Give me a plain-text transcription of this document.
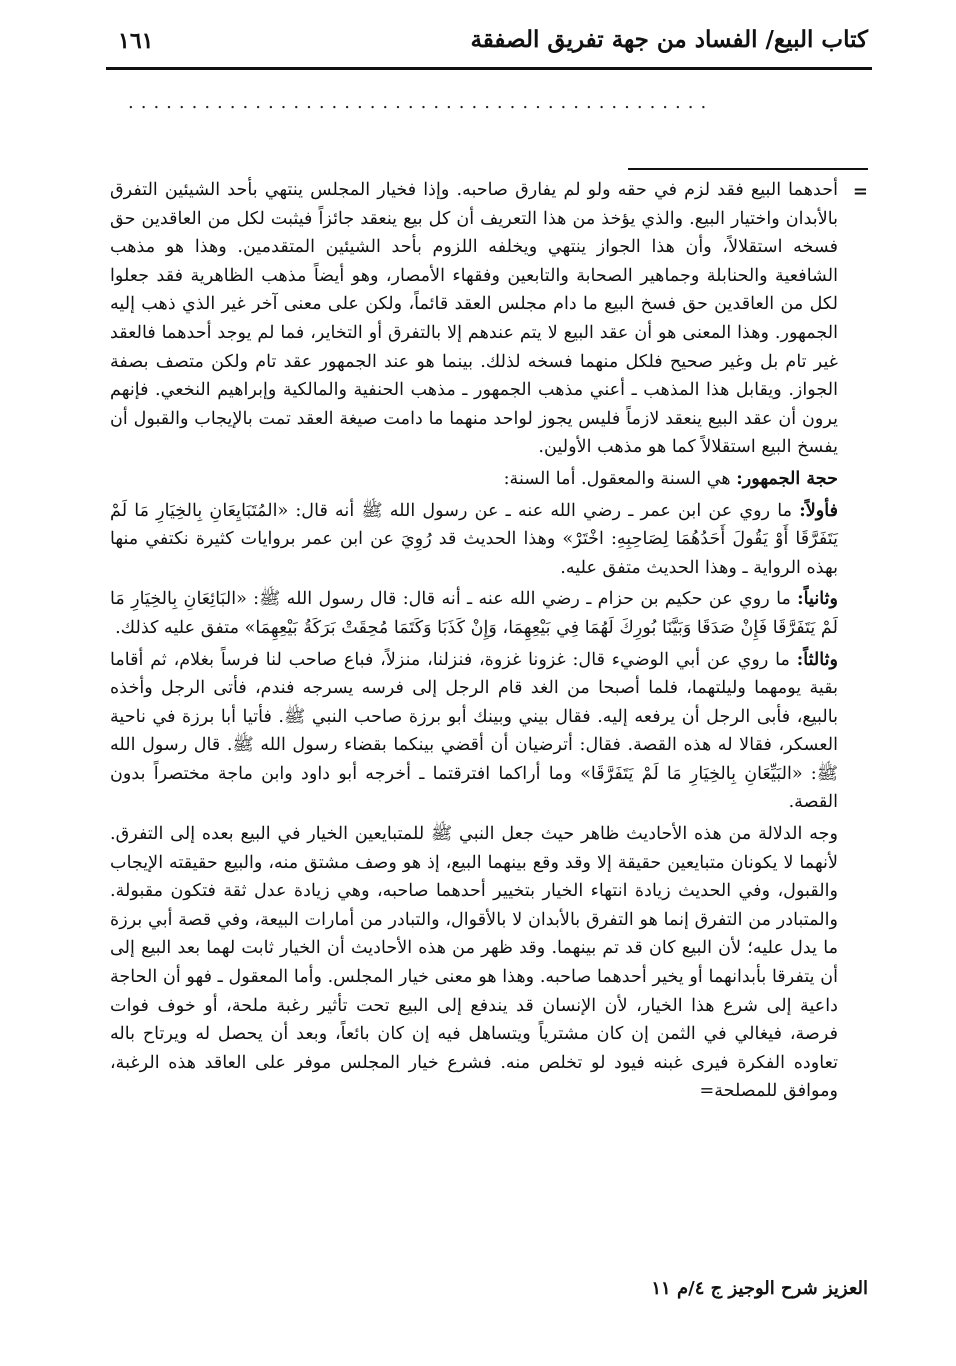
كتاب البيع/ الفساد من جهة تفريق الصفقة
١٦١
..............................................
=

أحدهما البيع فقد لزم في حقه ولو لم يفارق صاحبه. وإذا فخيار المجلس ينتهي بأحد الشيئين التفرق بالأبدان واختيار البيع. والذي يؤخذ من هذا التعريف أن كل بيع ينعقد جائزاً فيثبت لكل من العاقدين حق فسخه استقلالاً، وأن هذا الجواز ينتهي ويخلفه اللزوم بأحد الشيئين المتقدمين. وهذا هو مذهب الشافعية والحنابلة وجماهير الصحابة والتابعين وفقهاء الأمصار، وهو أيضاً مذهب الظاهرية فقد جعلوا لكل من العاقدين حق فسخ البيع ما دام مجلس العقد قائماً، ولكن على معنى آخر غير الذي ذهب إليه الجمهور. وهذا المعنى هو أن عقد البيع لا يتم عندهم إلا بالتفرق أو التخاير، فما لم يوجد أحدهما فالعقد غير تام بل وغير صحيح فلكل منهما فسخه لذلك. بينما هو عند الجمهور عقد تام ولكن متصف بصفة الجواز. ويقابل هذا المذهب ـ أعني مذهب الجمهور ـ مذهب الحنفية والمالكية وإبراهيم النخعي. فإنهم يرون أن عقد البيع ينعقد لازماً فليس يجوز لواحد منهما ما دامت صيغة العقد تمت بالإيجاب والقبول أن يفسخ البيع استقلالاً كما هو مذهب الأولين.

حجة الجمهور: هي السنة والمعقول. أما السنة:

فأولاً: ما روي عن ابن عمر ـ رضي الله عنه ـ عن رسول الله ﷺ أنه قال: «المُتَبَايِعَانِ بِالخِيَارِ مَا لَمْ يَتَفَرَّقَا أَوْ يَقُولَ أَحَدُهُمَا لِصَاحِبِهِ: اخْتَرْ» وهذا الحديث قد رُوِيَ عن ابن عمر بروايات كثيرة نكتفي منها بهذه الرواية ـ وهذا الحديث متفق عليه.

وثانياً: ما روي عن حكيم بن حزام ـ رضي الله عنه ـ أنه قال: قال رسول الله ﷺ: «البَائِعَانِ بِالخِيَارِ مَا لَمْ يَتَفَرَّقَا فَإِنْ صَدَقَا وَبَيَّنَا بُورِكَ لَهُمَا فِي بَيْعِهِمَا، وَإِنْ كَذَبَا وَكَتَمَا مُحِقَتْ بَرَكَةُ بَيْعِهِمَا» متفق عليه كذلك.

وثالثاً: ما روي عن أبي الوضيء قال: غزونا غزوة، فنزلنا، منزلاً، فباع صاحب لنا فرساً بغلام، ثم أقاما بقية يومهما وليلتهما، فلما أصبحا من الغد قام الرجل إلى فرسه يسرجه فندم، فأتى الرجل وأخذه بالبيع، فأبى الرجل أن يرفعه إليه. فقال بيني وبينك أبو برزة صاحب النبي ﷺ. فأتيا أبا برزة في ناحية العسكر، فقالا له هذه القصة. فقال: أترضيان أن أقضي بينكما بقضاء رسول الله ﷺ. قال رسول الله ﷺ: «البَيِّعَانِ بِالخِيَارِ مَا لَمْ يَتَفَرَّقَا» وما أراكما افترقتما ـ أخرجه أبو داود وابن ماجة مختصراً بدون القصة.

وجه الدلالة من هذه الأحاديث ظاهر حيث جعل النبي ﷺ للمتبايعين الخيار في البيع بعده إلى التفرق. لأنهما لا يكونان متبايعين حقيقة إلا وقد وقع بينهما البيع، إذ هو وصف مشتق منه، والبيع حقيقته الإيجاب والقبول، وفي الحديث زيادة انتهاء الخيار بتخيير أحدهما صاحبه، وهي زيادة عدل ثقة فتكون مقبولة. والمتبادر من التفرق إنما هو التفرق بالأبدان لا بالأقوال، والتبادر من أمارات البيعة، وفي قصة أبي برزة ما يدل عليه؛ لأن البيع كان قد تم بينهما. وقد ظهر من هذه الأحاديث أن الخيار ثابت لهما بعد البيع إلى أن يتفرقا بأبدانهما أو يخير أحدهما صاحبه. وهذا هو معنى خيار المجلس. وأما المعقول ـ فهو أن الحاجة داعية إلى شرع هذا الخيار، لأن الإنسان قد يندفع إلى البيع تحت تأثير رغبة ملحة، أو خوف فوات فرصة، فيغالي في الثمن إن كان مشترياً ويتساهل فيه إن كان بائعاً، وبعد أن يحصل له ويرتاح باله تعاوده الفكرة فيرى غبنه فيود لو تخلص منه. فشرع خيار المجلس موفر على العاقد هذه الرغبة، وموافق للمصلحة=

العزيز شرح الوجيز ج ٤/م ١١
